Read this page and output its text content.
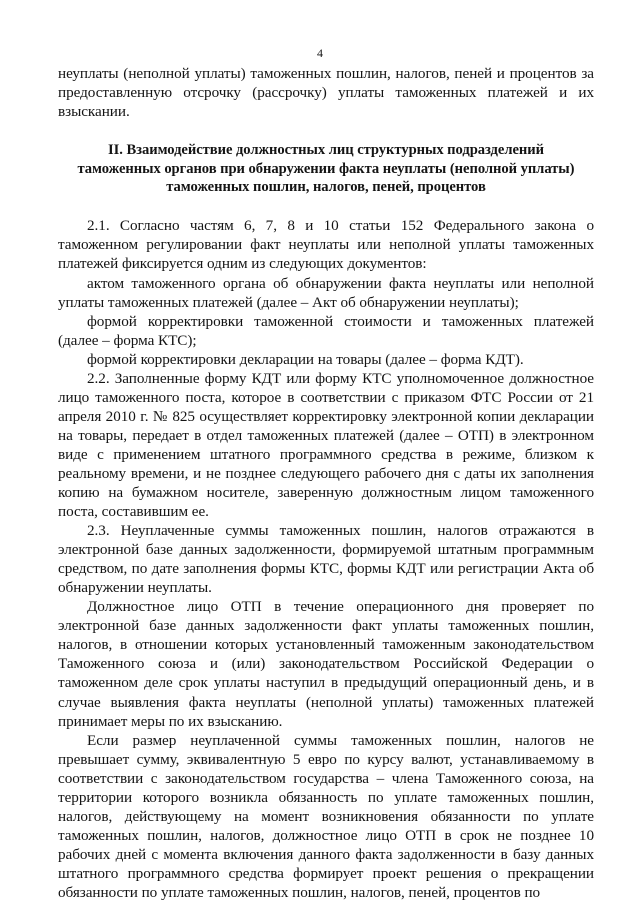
4

неуплаты (неполной уплаты) таможенных пошлин, налогов, пеней и процентов за предоставленную отсрочку (рассрочку) уплаты таможенных платежей и их взыскании.

II. Взаимодействие должностных лиц структурных подразделений
таможенных органов при обнаружении факта неуплаты (неполной уплаты)
таможенных пошлин, налогов, пеней, процентов

2.1. Согласно частям 6, 7, 8 и 10 статьи 152 Федерального закона о таможенном регулировании факт неуплаты или неполной уплаты таможенных платежей фиксируется одним из следующих документов:

актом таможенного органа об обнаружении факта неуплаты или неполной уплаты таможенных платежей (далее – Акт об обнаружении неуплаты);

формой корректировки таможенной стоимости и таможенных платежей (далее – форма КТС);

формой корректировки декларации на товары (далее – форма КДТ).

2.2. Заполненные форму КДТ или форму КТС уполномоченное должностное лицо таможенного поста, которое в соответствии с приказом ФТС России от 21 апреля 2010 г. № 825 осуществляет корректировку электронной копии декларации на товары, передает в отдел таможенных платежей (далее – ОТП) в электронном виде с применением штатного программного средства в режиме, близком к реальному времени, и не позднее следующего рабочего дня с даты их заполнения копию на бумажном носителе, заверенную должностным лицом таможенного поста, составившим ее.

2.3. Неуплаченные суммы таможенных пошлин, налогов отражаются в электронной базе данных задолженности, формируемой штатным программным средством, по дате заполнения формы КТС, формы КДТ или регистрации Акта об обнаружении неуплаты.

Должностное лицо ОТП в течение операционного дня проверяет по электронной базе данных задолженности факт уплаты таможенных пошлин, налогов, в отношении которых установленный таможенным законодательством Таможенного союза и (или) законодательством Российской Федерации о таможенном деле срок уплаты наступил в предыдущий операционный день, и в случае выявления факта неуплаты (неполной уплаты) таможенных платежей принимает меры по их взысканию.

Если размер неуплаченной суммы таможенных пошлин, налогов не превышает сумму, эквивалентную 5 евро по курсу валют, устанавливаемому в соответствии с законодательством государства – члена Таможенного союза, на территории которого возникла обязанность по уплате таможенных пошлин, налогов, действующему на момент возникновения обязанности по уплате таможенных пошлин, налогов, должностное лицо ОТП в срок не позднее 10 рабочих дней с момента включения данного факта задолженности в базу данных штатного программного средства формирует проект решения о прекращении обязанности по уплате таможенных пошлин, налогов, пеней, процентов по
